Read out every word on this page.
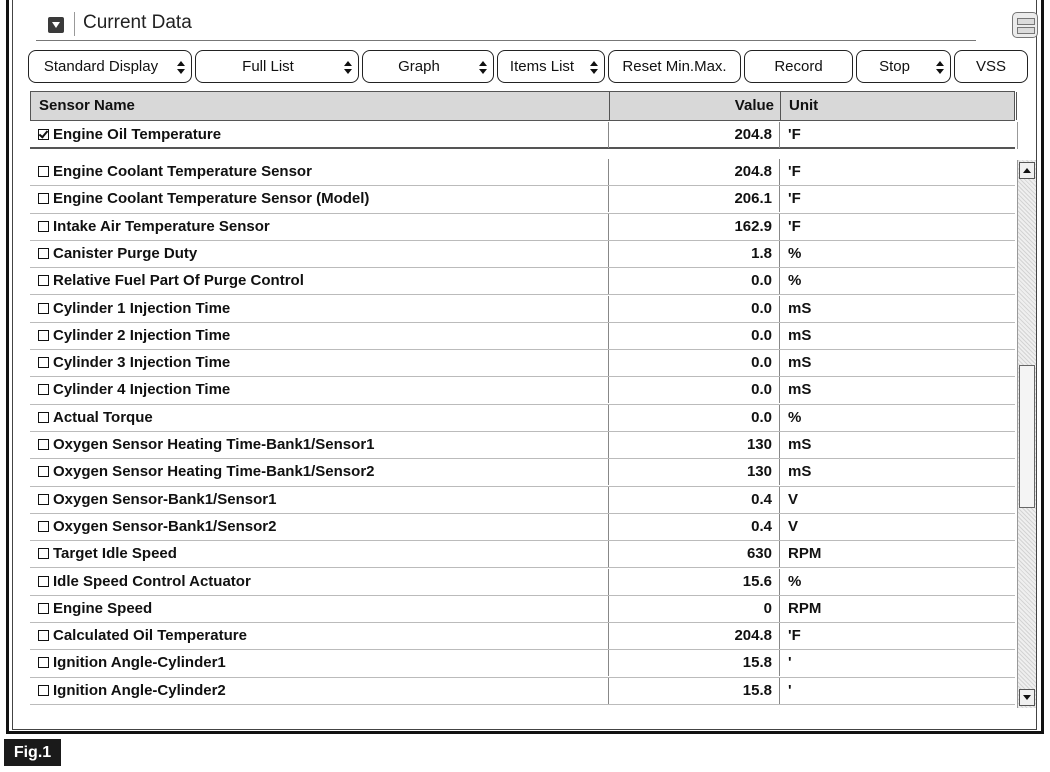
Current Data
Standard Display	Full List	Graph	Items List	Reset Min.Max.	Record	Stop	VSS
Sensor Name	Value Unit
Engine Oil Temperature	204.8 'F
Engine Coolant Temperature Sensor	204.8 'F
Engine Coolant Temperature Sensor (Model)	206.1 'F
Intake Air Temperature Sensor	162.9 'F
Canister Purge Duty	1.8 %
Relative Fuel Part Of Purge Control	0.0 %
Cylinder 1 Injection Time	0.0 mS
Cylinder 2 Injection Time	0.0 mS
Cylinder 3 Injection Time	0.0 mS
Cylinder 4 Injection Time	0.0 mS
Actual Torque	0.0 %
Oxygen Sensor Heating Time-Bank1/Sensor1	130 mS
Oxygen Sensor Heating Time-Bank1/Sensor2	130 mS
Oxygen Sensor-Bank1/Sensor1	0.4 V
Oxygen Sensor-Bank1/Sensor2	0.4 V
Target Idle Speed	630 RPM
Idle Speed Control Actuator	15.6 %
Engine Speed	0 RPM
Calculated Oil Temperature	204.8 'F
Ignition Angle-Cylinder1	15.8 '
Ignition Angle-Cylinder2	15.8 '
Fig.1
